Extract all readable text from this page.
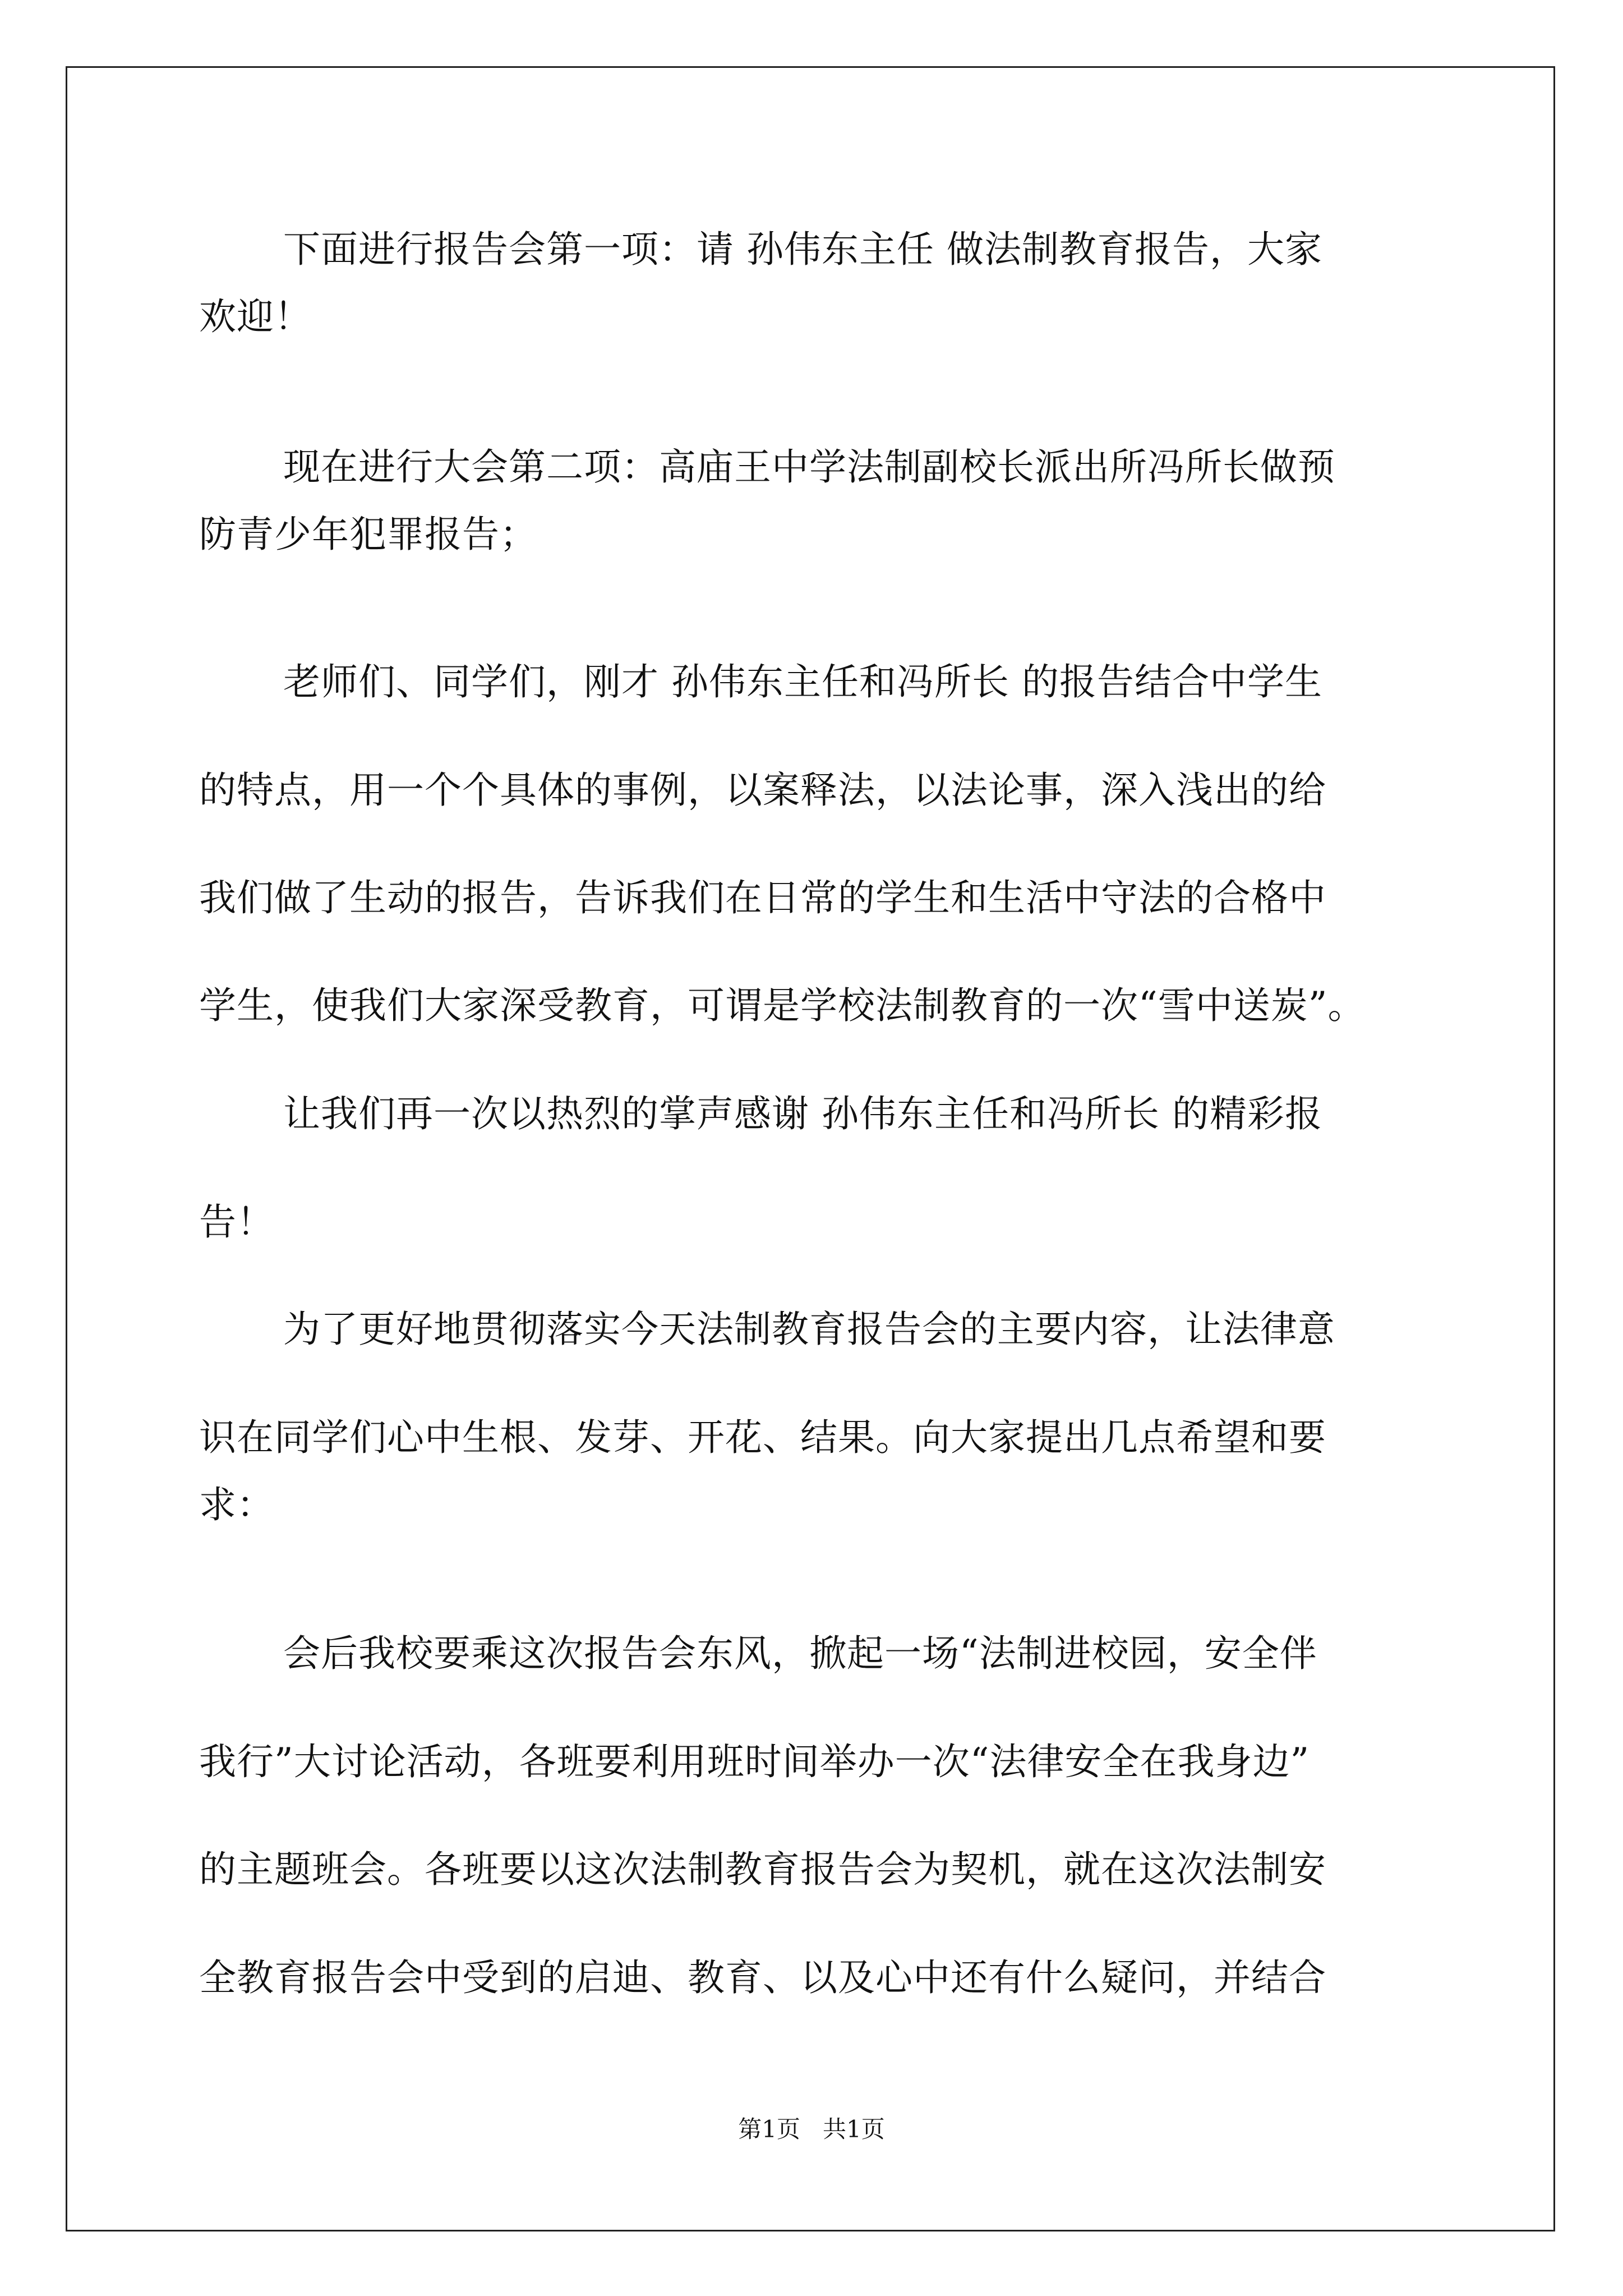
下面进行报告会第一项：请 孙伟东主任 做法制教育报告，大家
欢迎！
现在进行大会第二项：高庙王中学法制副校长派出所冯所长做预
防青少年犯罪报告；
老师们、同学们，刚才 孙伟东主任和冯所长 的报告结合中学生
的特点，用一个个具体的事例，以案释法，以法论事，深入浅出的给
我们做了生动的报告，告诉我们在日常的学生和生活中守法的合格中
学生，使我们大家深受教育，可谓是学校法制教育的一次“雪中送炭”。
让我们再一次以热烈的掌声感谢 孙伟东主任和冯所长 的精彩报
告！
为了更好地贯彻落实今天法制教育报告会的主要内容，让法律意
识在同学们心中生根、发芽、开花、结果。向大家提出几点希望和要
求：
会后我校要乘这次报告会东风，掀起一场“法制进校园，安全伴
我行”大讨论活动，各班要利用班时间举办一次“法律安全在我身边”
的主题班会。各班要以这次法制教育报告会为契机，就在这次法制安
全教育报告会中受到的启迪、教育、以及心中还有什么疑问，并结合
第1页   共1页
